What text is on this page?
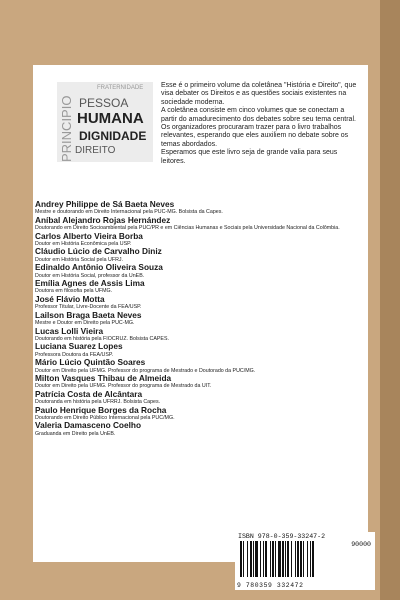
PRINCIPIO
FRATERNIDADE
PESSOA
HUMANA
DIGNIDADE
DIREITO

Esse é o primeiro volume da coletânea "História e Direito", que visa debater os Direitos e as questões sociais existentes na sociedade moderna.

A coletânea consiste em cinco volumes que se conectam a partir do amadurecimento dos debates sobre seu tema central.

Os organizadores procuraram trazer para o livro trabalhos relevantes, esperando que eles auxiliem no debate sobre os temas abordados.

Esperamos que este livro seja de grande valia para seus leitores.

Andrey Philippe de Sá Baeta Neves
Mestre e doutorando em Direito Internacional pela PUC-MG. Bolsista da Capes.
Aníbal Alejandro Rojas Hernández
Doutorando em Direito Socioambiental pela PUC/PR e em Ciências Humanas e Sociais pela Universidade Nacional da Colômbia.
Carlos Alberto Vieira Borba
Doutor em História Econômica pela USP.
Cláudio Lúcio de Carvalho Diniz
Doutor em História Social pela UFRJ.
Edinaldo Antônio Oliveira Souza
Doutor em História Social, professor da UnEB.
Emília Agnes de Assis Lima
Doutora em filosofia pela UFMG.
José Flávio Motta
Professor Titular, Livre-Docente da FEA/USP.
Lailson Braga Baeta Neves
Mestre e Doutor em Direito pela PUC-MG.
Lucas Lolli Vieira
Doutorando em história pela FIOCRUZ. Bolsista CAPES.
Luciana Suarez Lopes
Professora Doutora da FEA/USP.
Mário Lúcio Quintão Soares
Doutor em Direito pela UFMG. Professor do programa de Mestrado e Doutorado da PUC/MG.
Milton Vasques Thibau de Almeida
Doutor em Direito pela UFMG. Professor do programa de Mestrado da UIT.
Patrícia Costa de Alcântara
Doutoranda em história pela UFRRJ. Bolsista Capes.
Paulo Henrique Borges da Rocha
Doutorando em Direito Público Internacional pela PUC/MG.
Valeria Damasceno Coelho
Graduanda em Direito pela UnEB.
ISBN 978-0-359-33247-2
90000
9 780359 332472
